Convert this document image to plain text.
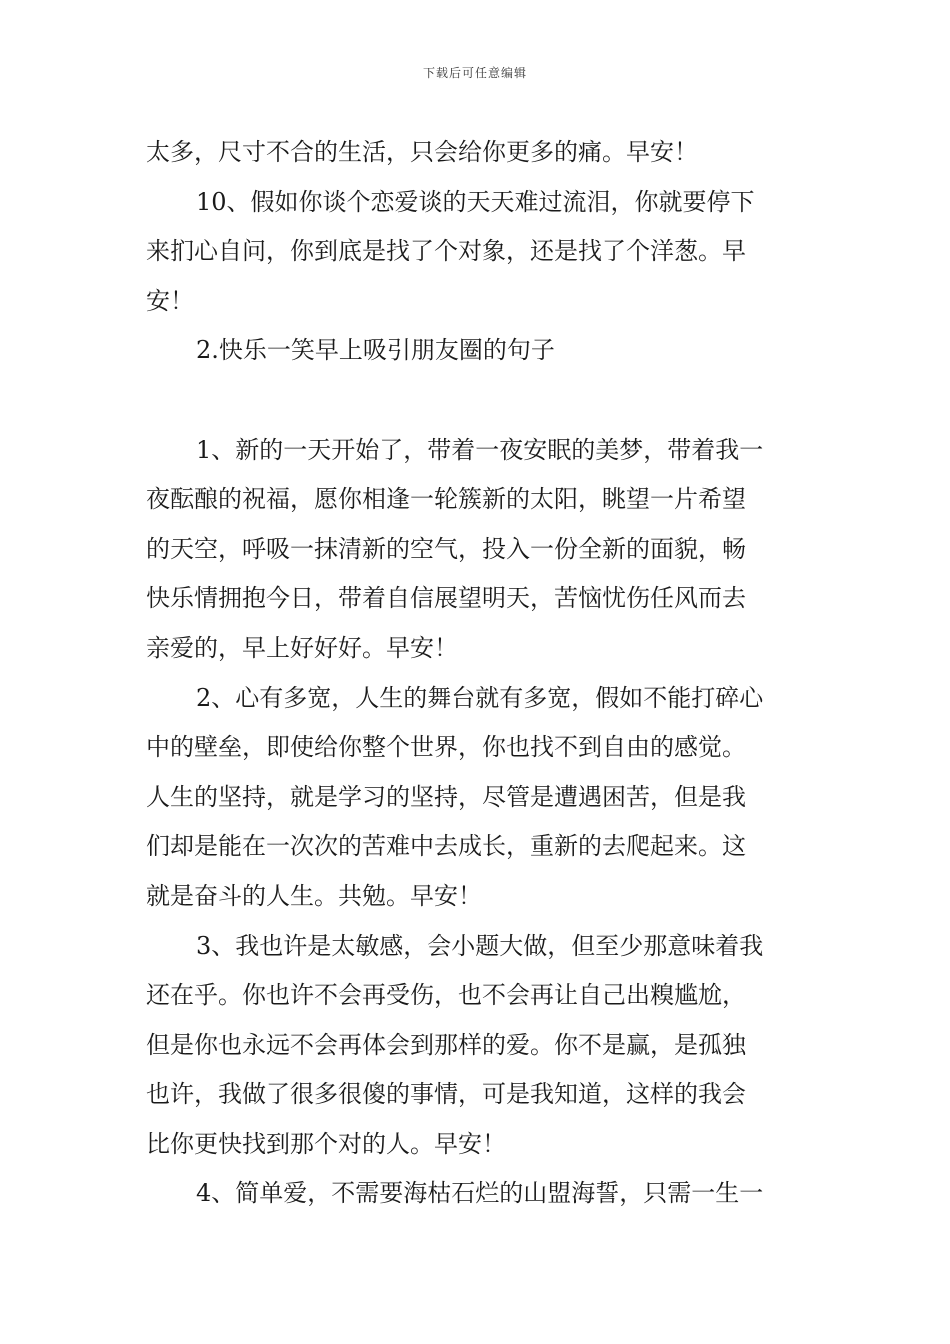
下载后可任意编辑
太多，尺寸不合的生活，只会给你更多的痛。早安！
10、假如你谈个恋爱谈的天天难过流泪，你就要停下
来扪心自问，你到底是找了个对象，还是找了个洋葱。早
安！
2.快乐一笑早上吸引朋友圈的句子
1、新的一天开始了，带着一夜安眠的美梦，带着我一
夜酝酿的祝福，愿你相逢一轮簇新的太阳，眺望一片希望
的天空，呼吸一抹清新的空气，投入一份全新的面貌，畅
快乐情拥抱今日，带着自信展望明天，苦恼忧伤任风而去
亲爱的，早上好好好。早安！
2、心有多宽，人生的舞台就有多宽，假如不能打碎心
中的壁垒，即使给你整个世界，你也找不到自由的感觉。
人生的坚持，就是学习的坚持，尽管是遭遇困苦，但是我
们却是能在一次次的苦难中去成长，重新的去爬起来。这
就是奋斗的人生。共勉。早安！
3、我也许是太敏感，会小题大做，但至少那意味着我
还在乎。你也许不会再受伤，也不会再让自己出糗尴尬，
但是你也永远不会再体会到那样的爱。你不是赢，是孤独
也许，我做了很多很傻的事情，可是我知道，这样的我会
比你更快找到那个对的人。早安！
4、简单爱，不需要海枯石烂的山盟海誓，只需一生一
